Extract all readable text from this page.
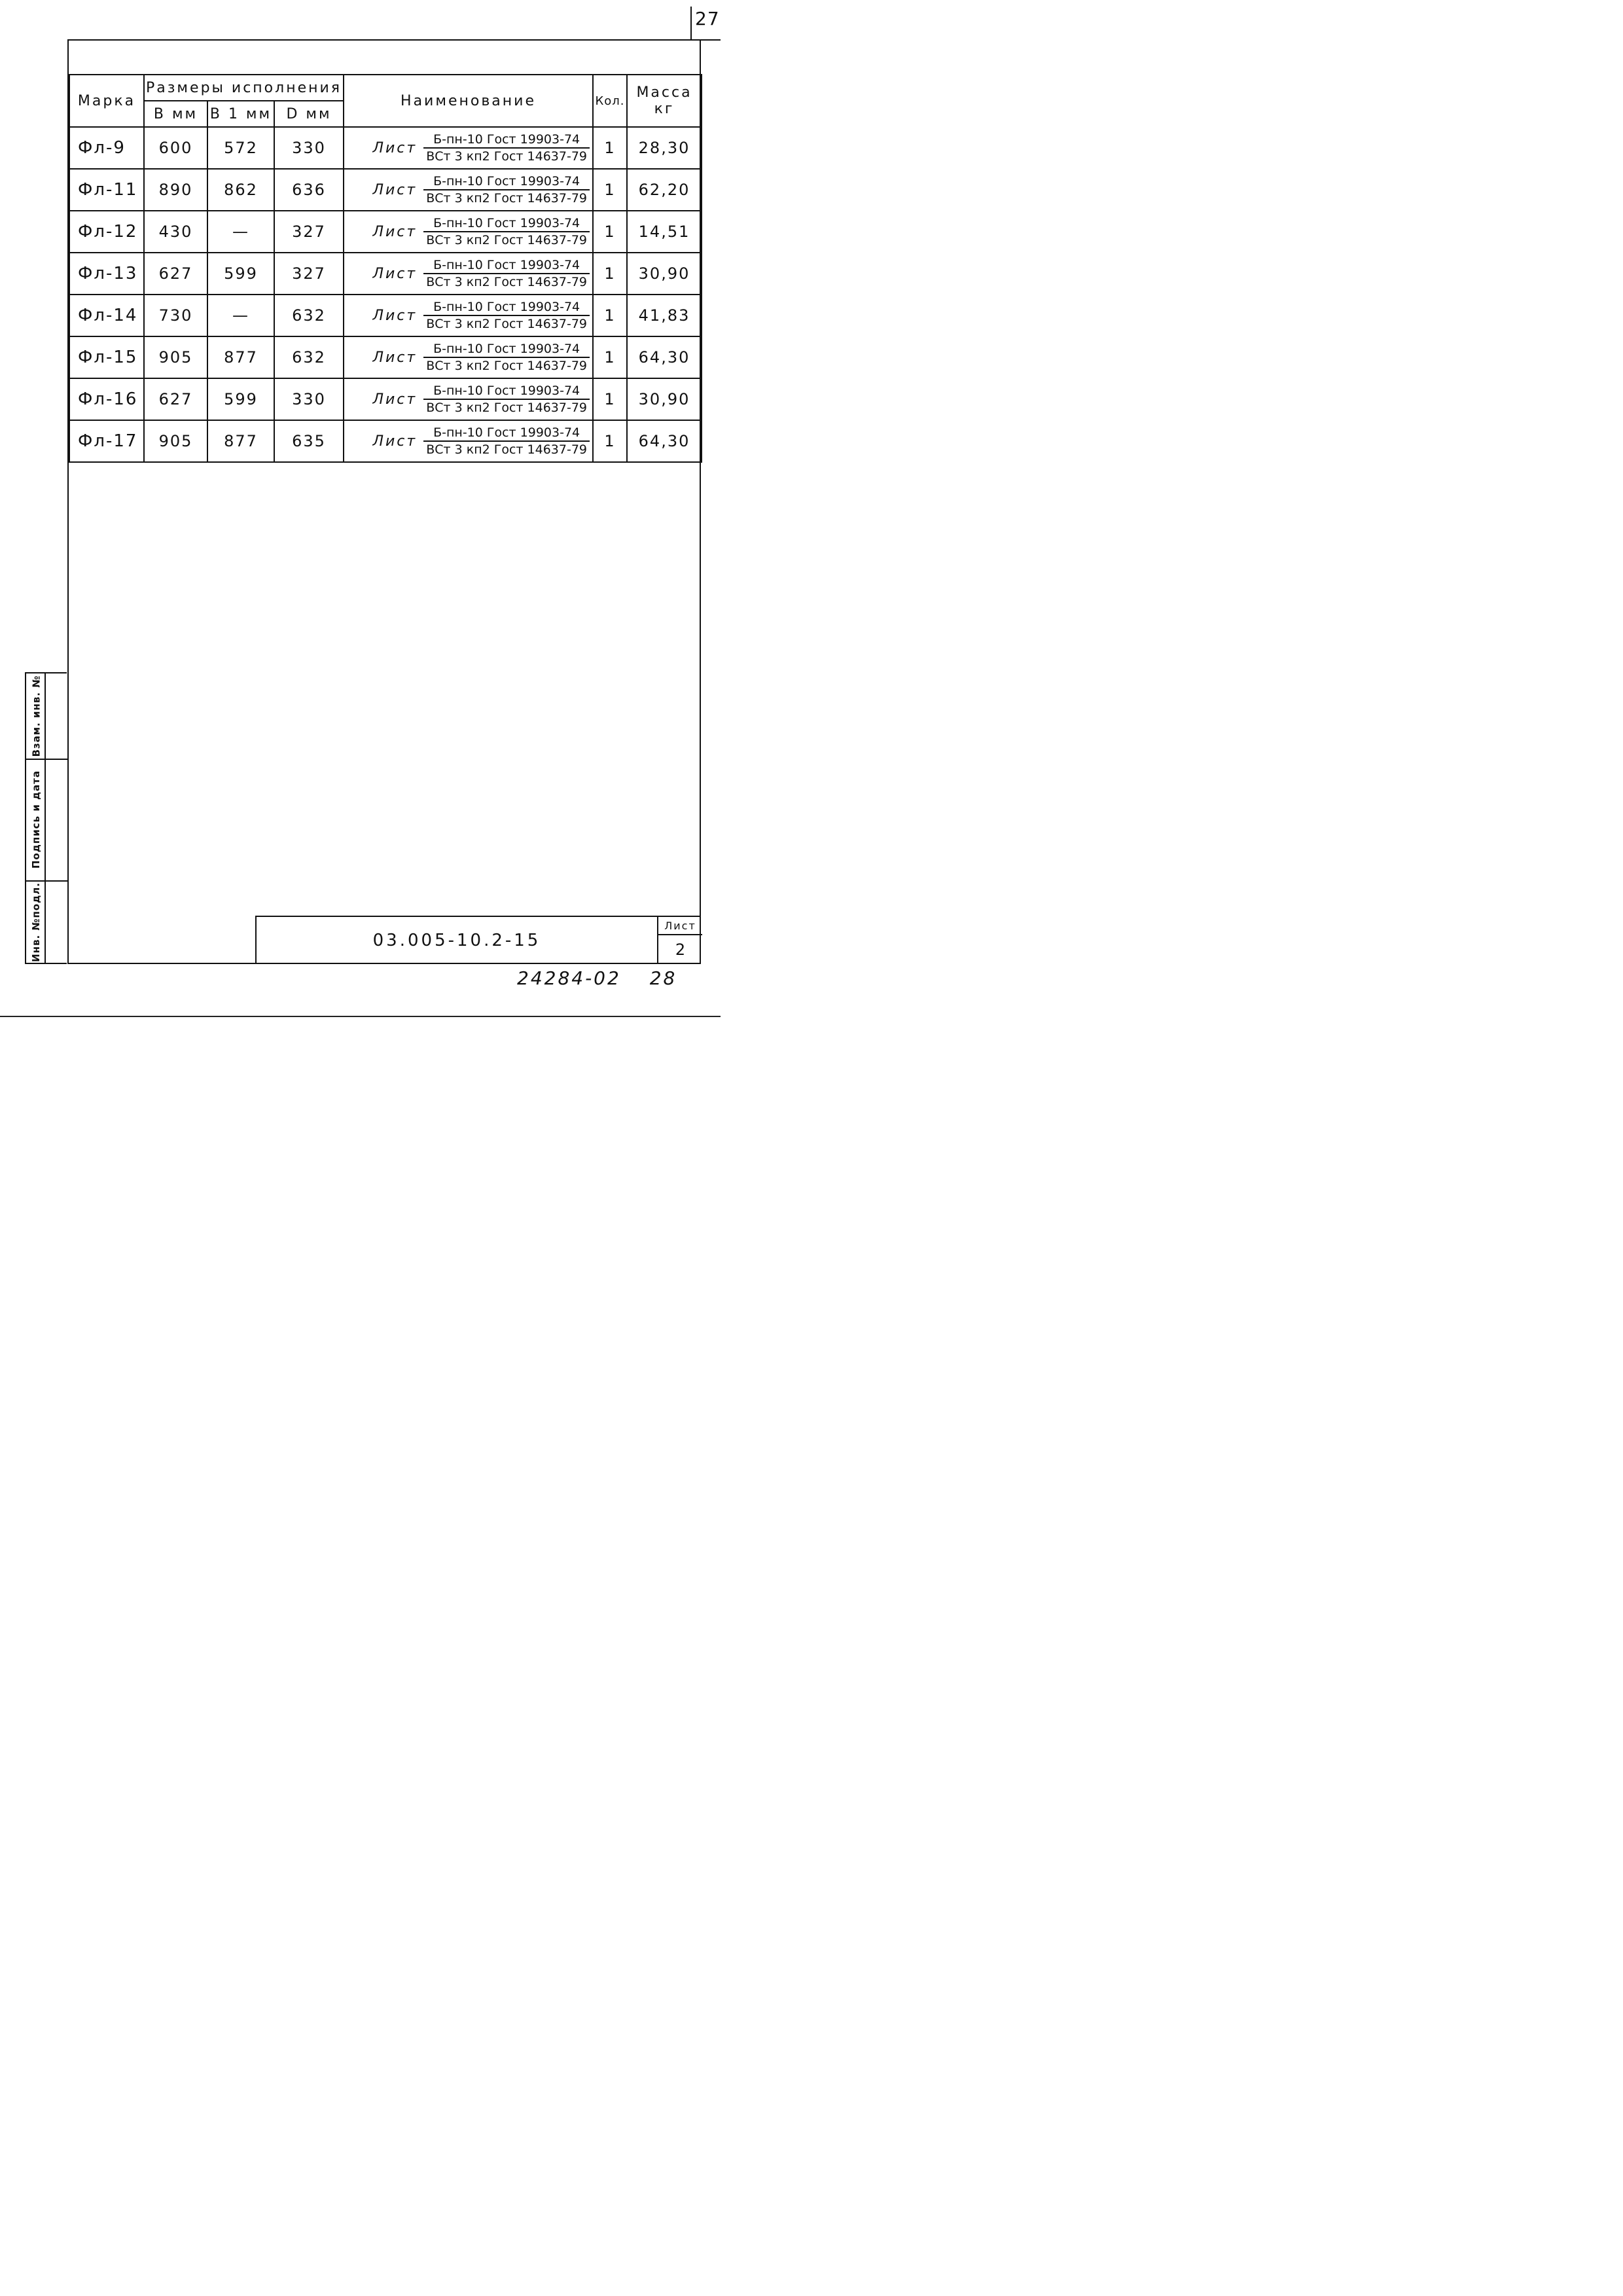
27
Марка	Размеры исполнения			Наименование	Кол.	Масса кг
	B мм	B 1 мм	D мм			
Фл-9	600	572	330	Лист $\frac{\text{Б-пн-10 Гост 19903-74}}{\text{ВСт 3 кп2 Гост 14637-79}}$	1	28,30
Фл-11	890	862	636	Лист $\frac{\text{Б-пн-10 Гост 19903-74}}{\text{ВСт 3 кп2 Гост 14637-79}}$	1	62,20
Фл-12	430	—	327	Лист $\frac{\text{Б-пн-10 Гост 19903-74}}{\text{ВСт 3 кп2 Гост 14637-79}}$	1	14,51
Фл-13	627	599	327	Лист $\frac{\text{Б-пн-10 Гост 19903-74}}{\text{ВСт 3 кп2 Гост 14637-79}}$	1	30,90
Фл-14	730	—	632	Лист $\frac{\text{Б-пн-10 Гост 19903-74}}{\text{ВСт 3 кп2 Гост 14637-79}}$	1	41,83
Фл-15	905	877	632	Лист $\frac{\text{Б-пн-10 Гост 19903-74}}{\text{ВСт 3 кп2 Гост 14637-79}}$	1	64,30
Фл-16	627	599	330	Лист $\frac{\text{Б-пн-10 Гост 19903-74}}{\text{ВСт 3 кп2 Гост 14637-79}}$	1	30,90
Фл-17	905	877	635	Лист $\frac{\text{Б-пн-10 Гост 19903-74}}{\text{ВСт 3 кп2 Гост 14637-79}}$	1	64,30
Взам. инв. №
Подпись и дата
Инв. №подл.	03.005-10.2-15
Лист
2
24284-02 28
